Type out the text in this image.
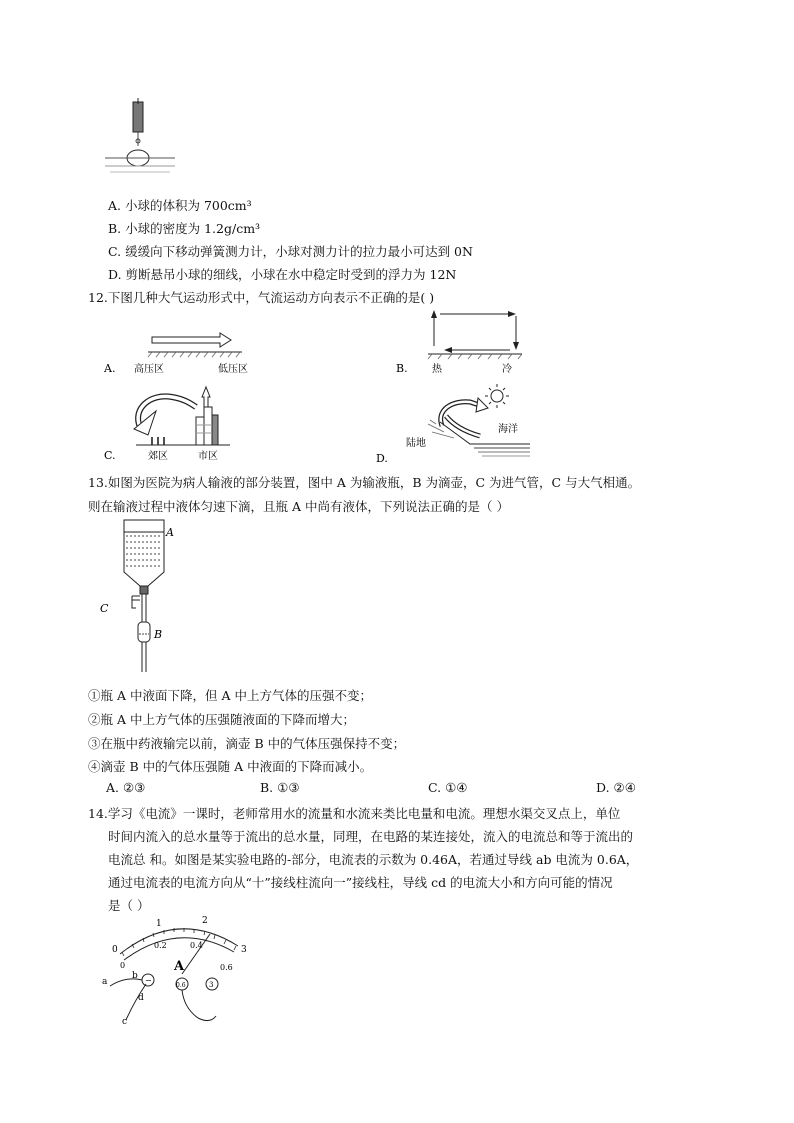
A. 小球的体积为 700cm³
B. 小球的密度为 1.2g/cm³
C. 缓缓向下移动弹簧测力计，小球对测力计的拉力最小可达到 0N
D. 剪断悬吊小球的细线，小球在水中稳定时受到的浮力为 12N
12.下图几种大气运动形式中，气流运动方向表示不正确的是( )
A. 高压区	低压区	B. 热	冷
C.	郊区	市区
海洋
陆地
D.
13.如图为医院为病人输液的部分装置，图中 A 为输液瓶，B 为滴壶，C 为进气管，C 与大气相通。
则在输液过程中液体匀速下滴，且瓶 A 中尚有液体，下列说法正确的是（ ）
A
B
C
①瓶 A 中液面下降，但 A 中上方气体的压强不变；
②瓶 A 中上方气体的压强随液面的下降而增大；
③在瓶中药液输完以前，滴壶 B 中的气体压强保持不变；
④滴壶 B 中的气体压强随 A 中液面的下降而减小。
A. ②③	B. ①③	C. ①④	D. ②④
14.学习《电流》一课时，老师常用水的流量和水流来类比电量和电流。理想水渠交叉点上，单位
时间内流入的总水量等于流出的总水量，同理，在电路的某连接处，流入的电流总和等于流出的
电流总 和。如图是某实验电路的-部分，电流表的示数为 0.46A，若通过导线 ab 电流为 0.6A，
通过电流表的电流方向从“十”接线柱流向一”接线柱，导线 cd 的电流大小和方向可能的情况
是（ ）
0
1	2
3
0
0.2	0.4
0.6
A
−
0.6	3
a
b
c
d
